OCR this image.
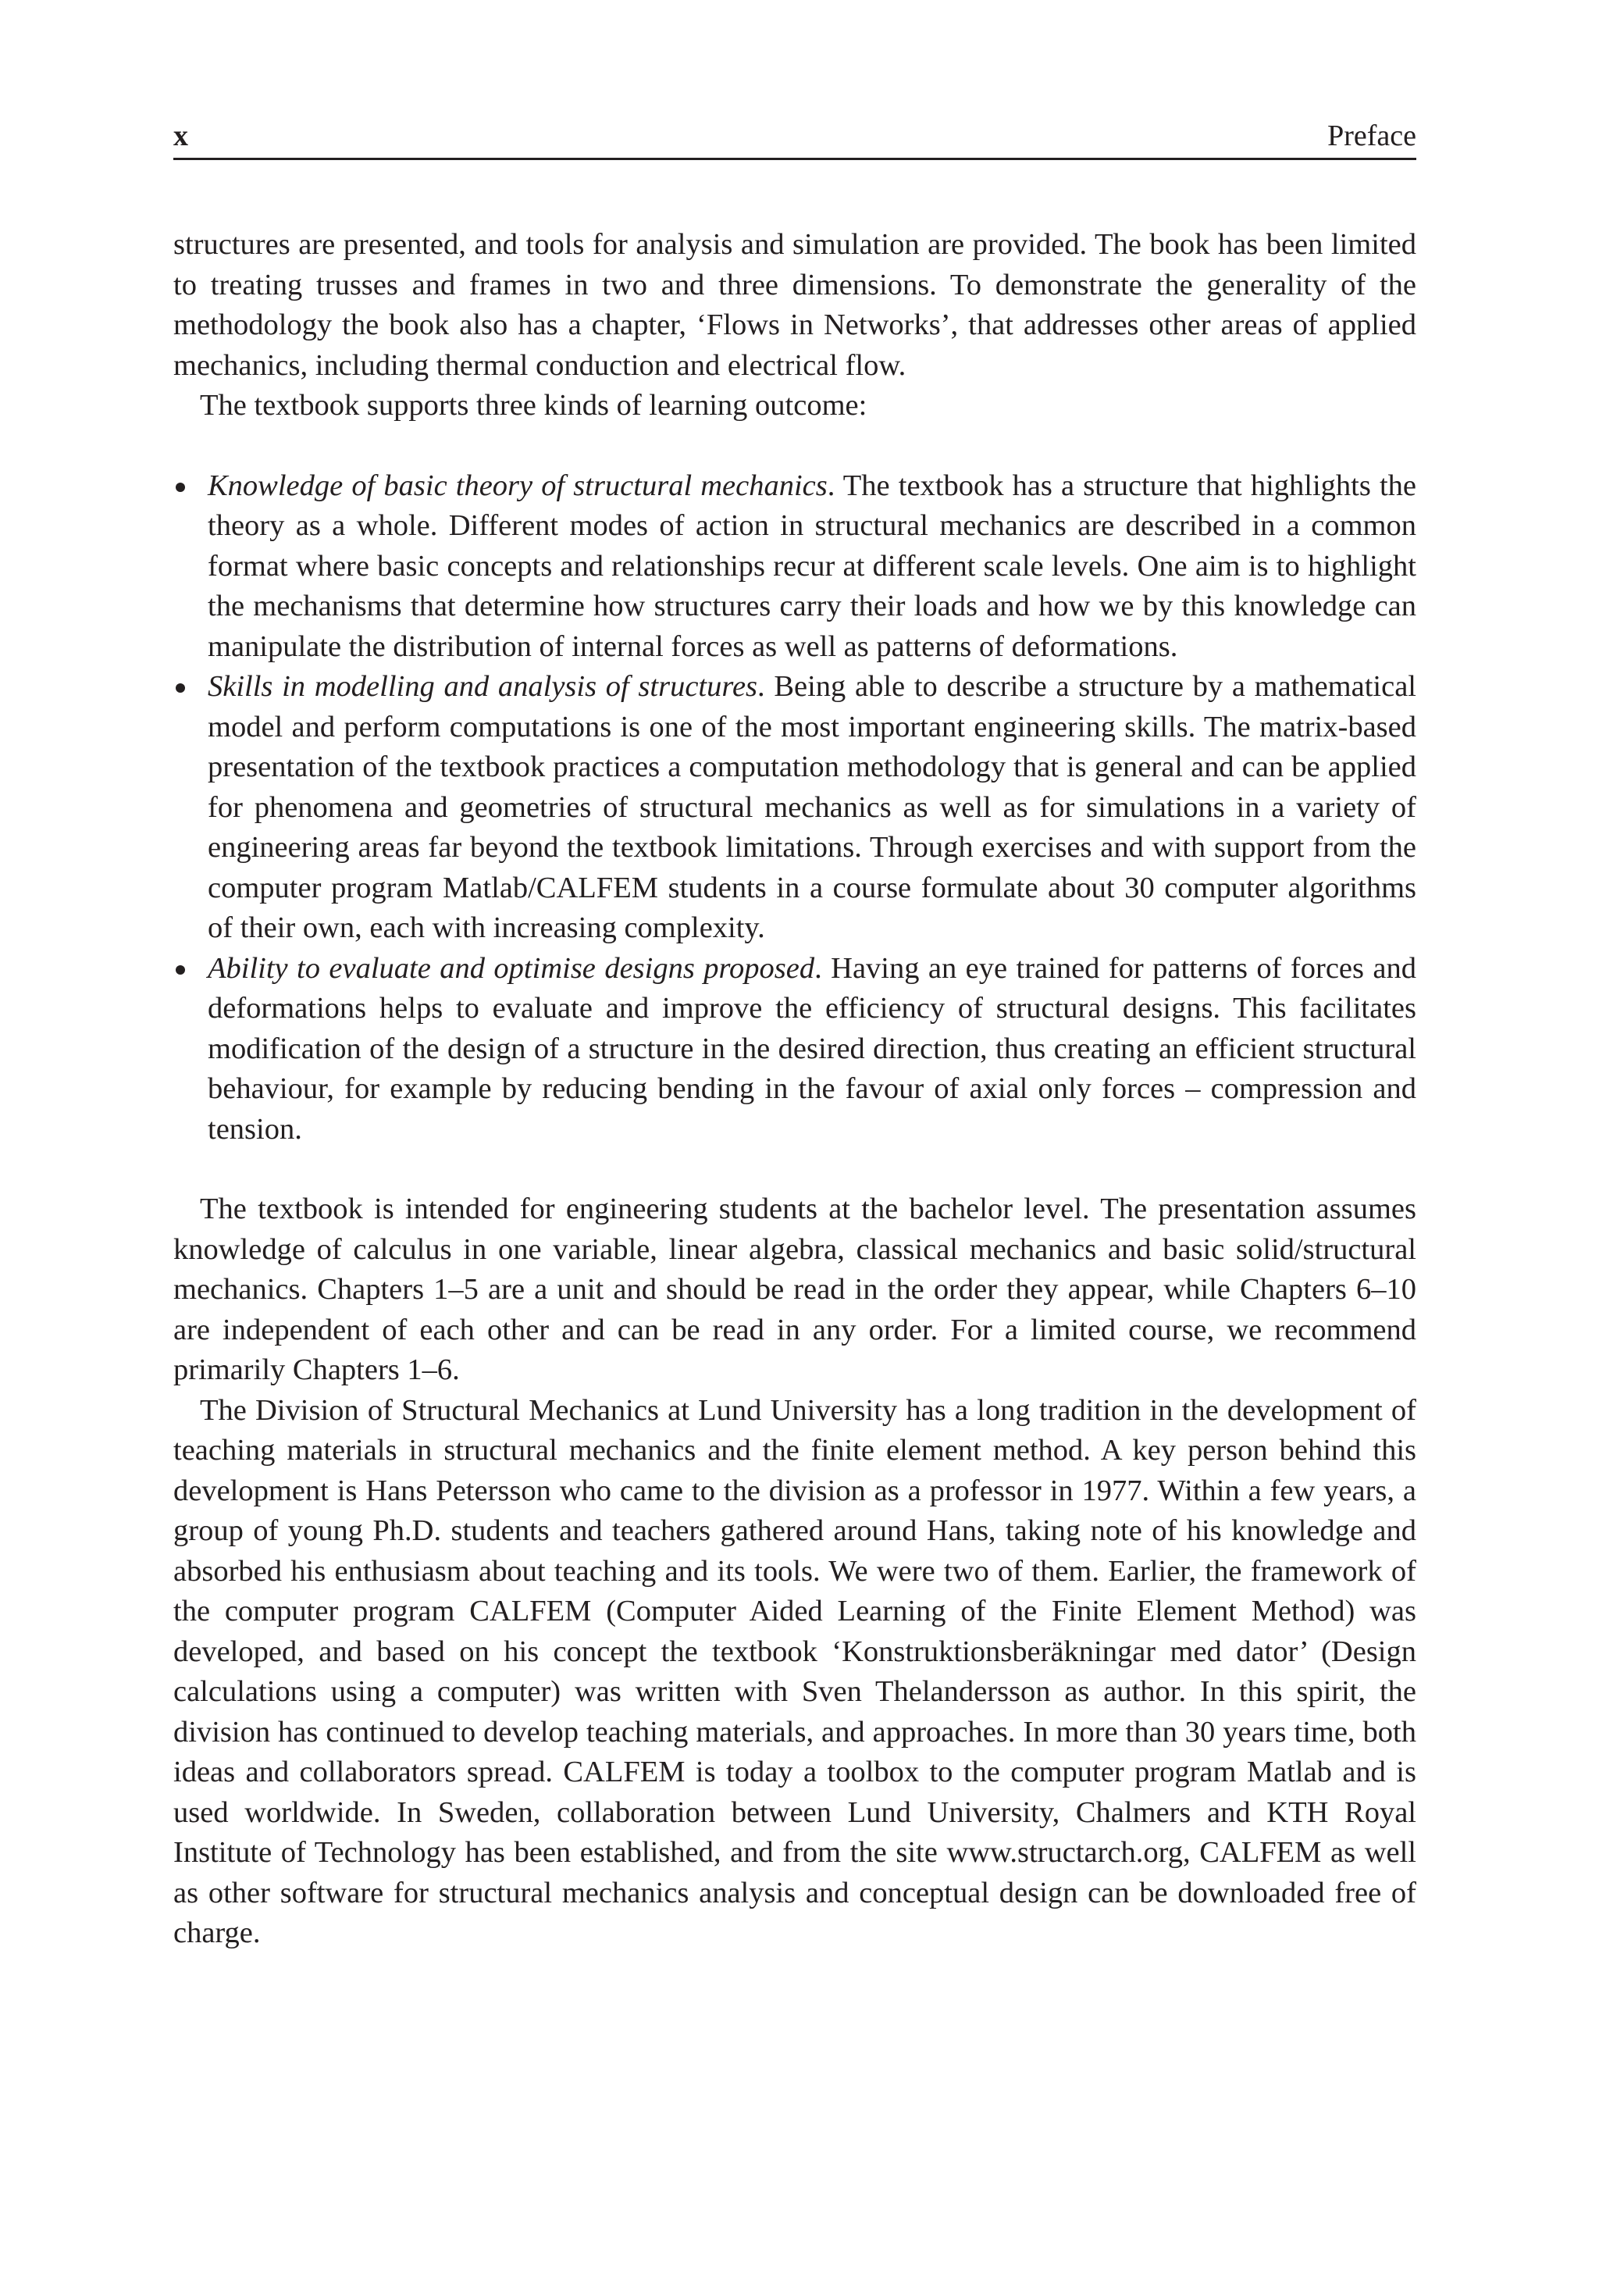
x	Preface

structures are presented, and tools for analysis and simulation are provided. The book has been limited to treating trusses and frames in two and three dimensions. To demonstrate the generality of the methodology the book also has a chapter, ‘Flows in Networks’, that addresses other areas of applied mechanics, including thermal conduction and electrical flow.

The textbook supports three kinds of learning outcome:

Knowledge of basic theory of structural mechanics. The textbook has a structure that highlights the theory as a whole. Different modes of action in structural mechanics are described in a common format where basic concepts and relationships recur at different scale levels. One aim is to highlight the mechanisms that determine how structures carry their loads and how we by this knowledge can manipulate the distribution of internal forces as well as patterns of deformations.
Skills in modelling and analysis of structures. Being able to describe a structure by a mathematical model and perform computations is one of the most important engineering skills. The matrix-based presentation of the textbook practices a computation methodology that is general and can be applied for phenomena and geometries of structural mechanics as well as for simulations in a variety of engineering areas far beyond the textbook limitations. Through exercises and with support from the computer program Matlab/CALFEM students in a course formulate about 30 computer algorithms of their own, each with increasing complexity.
Ability to evaluate and optimise designs proposed. Having an eye trained for patterns of forces and deformations helps to evaluate and improve the efficiency of structural designs. This facilitates modification of the design of a structure in the desired direction, thus creating an efficient structural behaviour, for example by reducing bending in the favour of axial only forces – compression and tension.

The textbook is intended for engineering students at the bachelor level. The presentation assumes knowledge of calculus in one variable, linear algebra, classical mechanics and basic solid/structural mechanics. Chapters 1–5 are a unit and should be read in the order they appear, while Chapters 6–10 are independent of each other and can be read in any order. For a limited course, we recommend primarily Chapters 1–6.

The Division of Structural Mechanics at Lund University has a long tradition in the development of teaching materials in structural mechanics and the finite element method. A key person behind this development is Hans Petersson who came to the division as a professor in 1977. Within a few years, a group of young Ph.D. students and teachers gathered around Hans, taking note of his knowledge and absorbed his enthusiasm about teaching and its tools. We were two of them. Earlier, the framework of the computer program CALFEM (Computer Aided Learning of the Finite Element Method) was developed, and based on his concept the textbook ‘Konstruktionsberäkningar med dator’ (Design calculations using a computer) was written with Sven Thelandersson as author. In this spirit, the division has continued to develop teaching materials, and approaches. In more than 30 years time, both ideas and collaborators spread. CALFEM is today a toolbox to the computer program Matlab and is used worldwide. In Sweden, collaboration between Lund University, Chalmers and KTH Royal Institute of Technology has been established, and from the site www.structarch.org, CALFEM as well as other software for structural mechanics analysis and conceptual design can be downloaded free of charge.
